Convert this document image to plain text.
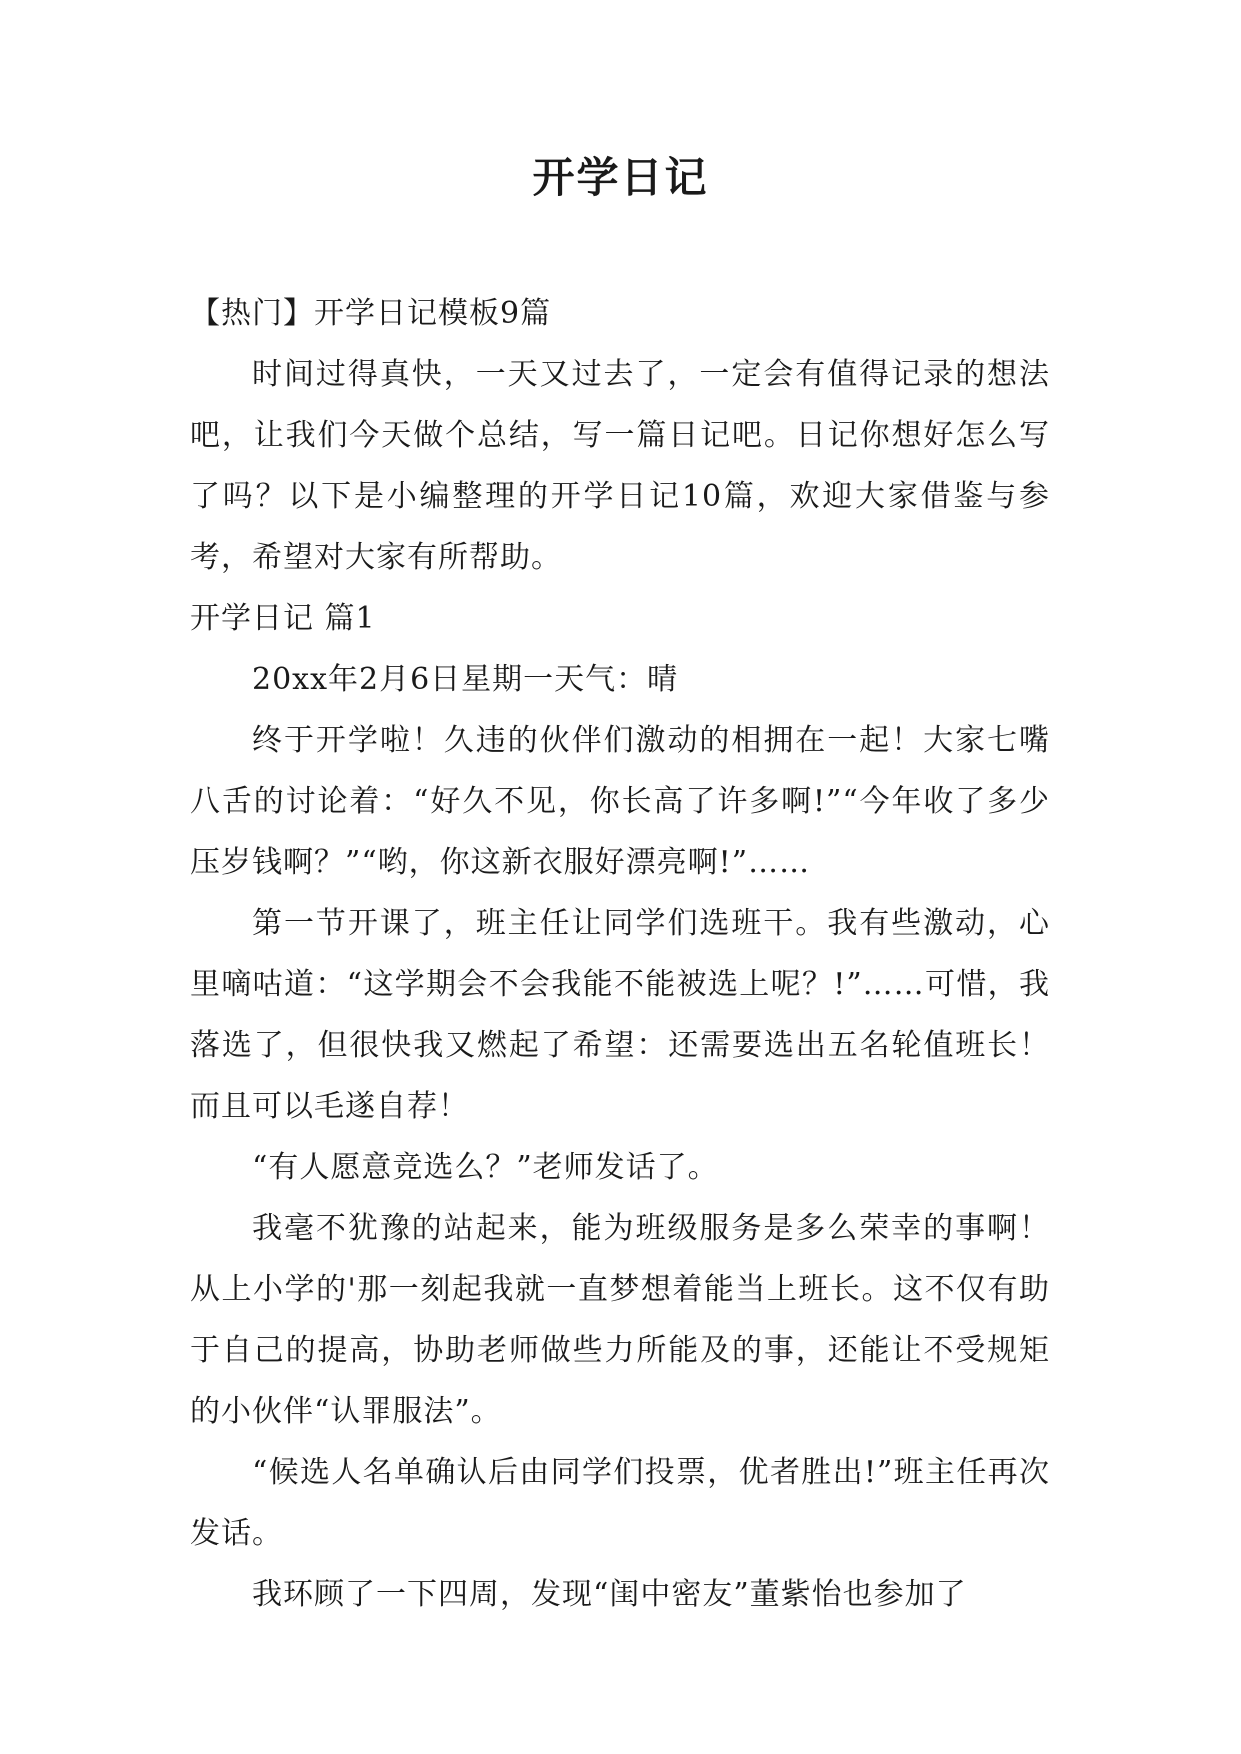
开学日记

【热门】开学日记模板9篇

时间过得真快，一天又过去了，一定会有值得记录的想法吧，让我们今天做个总结，写一篇日记吧。日记你想好怎么写了吗？以下是小编整理的开学日记10篇，欢迎大家借鉴与参考，希望对大家有所帮助。

开学日记 篇1

20xx年2月6日星期一天气：晴

终于开学啦！久违的伙伴们激动的相拥在一起！大家七嘴八舌的讨论着：“好久不见，你长高了许多啊!”“今年收了多少压岁钱啊？”“哟，你这新衣服好漂亮啊!”……

第一节开课了，班主任让同学们选班干。我有些激动，心里嘀咕道：“这学期会不会我能不能被选上呢？!”……可惜，我落选了，但很快我又燃起了希望：还需要选出五名轮值班长！而且可以毛遂自荐！

“有人愿意竞选么？”老师发话了。

我毫不犹豫的站起来，能为班级服务是多么荣幸的事啊！从上小学的'那一刻起我就一直梦想着能当上班长。这不仅有助于自己的提高，协助老师做些力所能及的事，还能让不受规矩的小伙伴“认罪服法”。

“候选人名单确认后由同学们投票，优者胜出!”班主任再次发话。

我环顾了一下四周，发现“闺中密友”董紫怡也参加了
